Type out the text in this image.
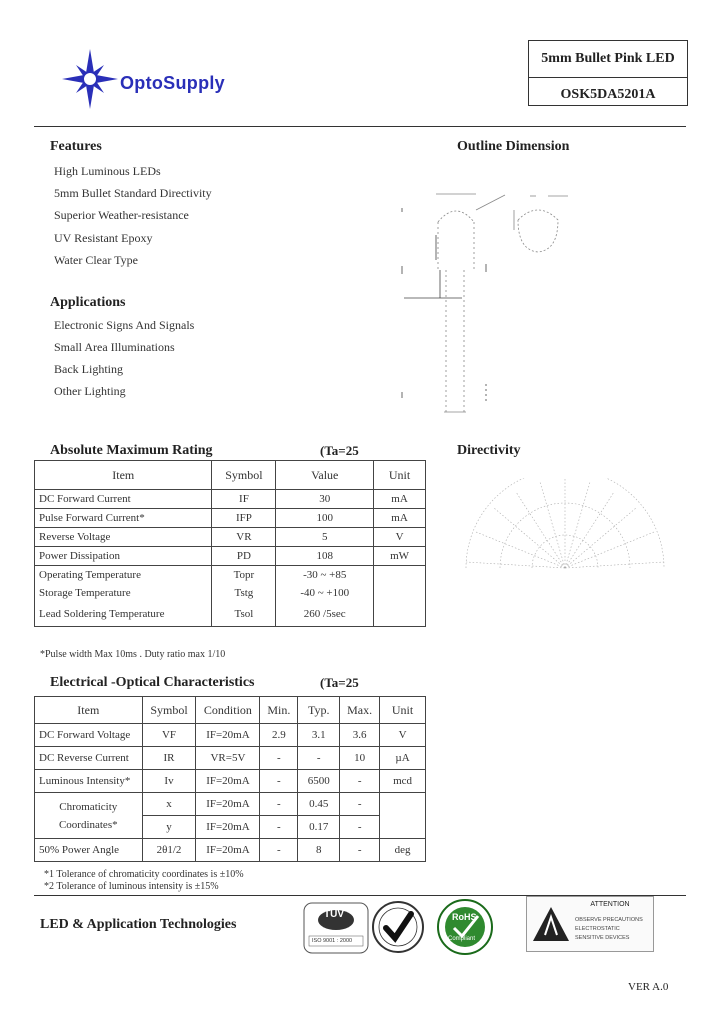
OptoSupply
5mm Bullet Pink LED
OSK5DA5201A
Features
High Luminous LEDs
5mm Bullet Standard Directivity
Superior Weather-resistance
UV Resistant Epoxy
Water Clear Type
Applications
Electronic Signs And Signals
Small Area Illuminations
Back Lighting
Other Lighting
Outline Dimension
Directivity
Absolute Maximum Rating	(Ta=25
Item	Symbol	Value	Unit
DC Forward Current	IF	30	mA
Pulse Forward Current*	IFP	100	mA
Reverse Voltage	VR	5	V
Power Dissipation	PD	108	mW
Operating Temperature	Topr	-30 ~ +85	
Storage Temperature	Tstg	-40 ~ +100	
Lead Soldering Temperature	Tsol	260 /5sec	
*Pulse width Max 10ms . Duty ratio max 1/10
Electrical -Optical Characteristics	(Ta=25
Item	Symbol	Condition	Min.	Typ.	Max.	Unit
DC Forward Voltage	VF	IF=20mA	2.9	3.1	3.6	V
DC Reverse Current	IR	VR=5V	-	-	10	µA
Luminous Intensity*	Iv	IF=20mA	-	6500	-	mcd
Chromaticity
Coordinates*	x	IF=20mA	-	0.45	-	
	y	IF=20mA	-	0.17	-	
50% Power Angle	2θ1/2	IF=20mA	-	8	-	deg
*1 Tolerance of chromaticity coordinates is ±10%
*2 Tolerance of luminous intensity is ±15%
LED & Application Technologies
TÜV
ISO 9001 : 2000
RoHS
Compliant
ATTENTION
OBSERVE PRECAUTIONS
ELECTROSTATIC
SENSITIVE DEVICES
VER A.0
